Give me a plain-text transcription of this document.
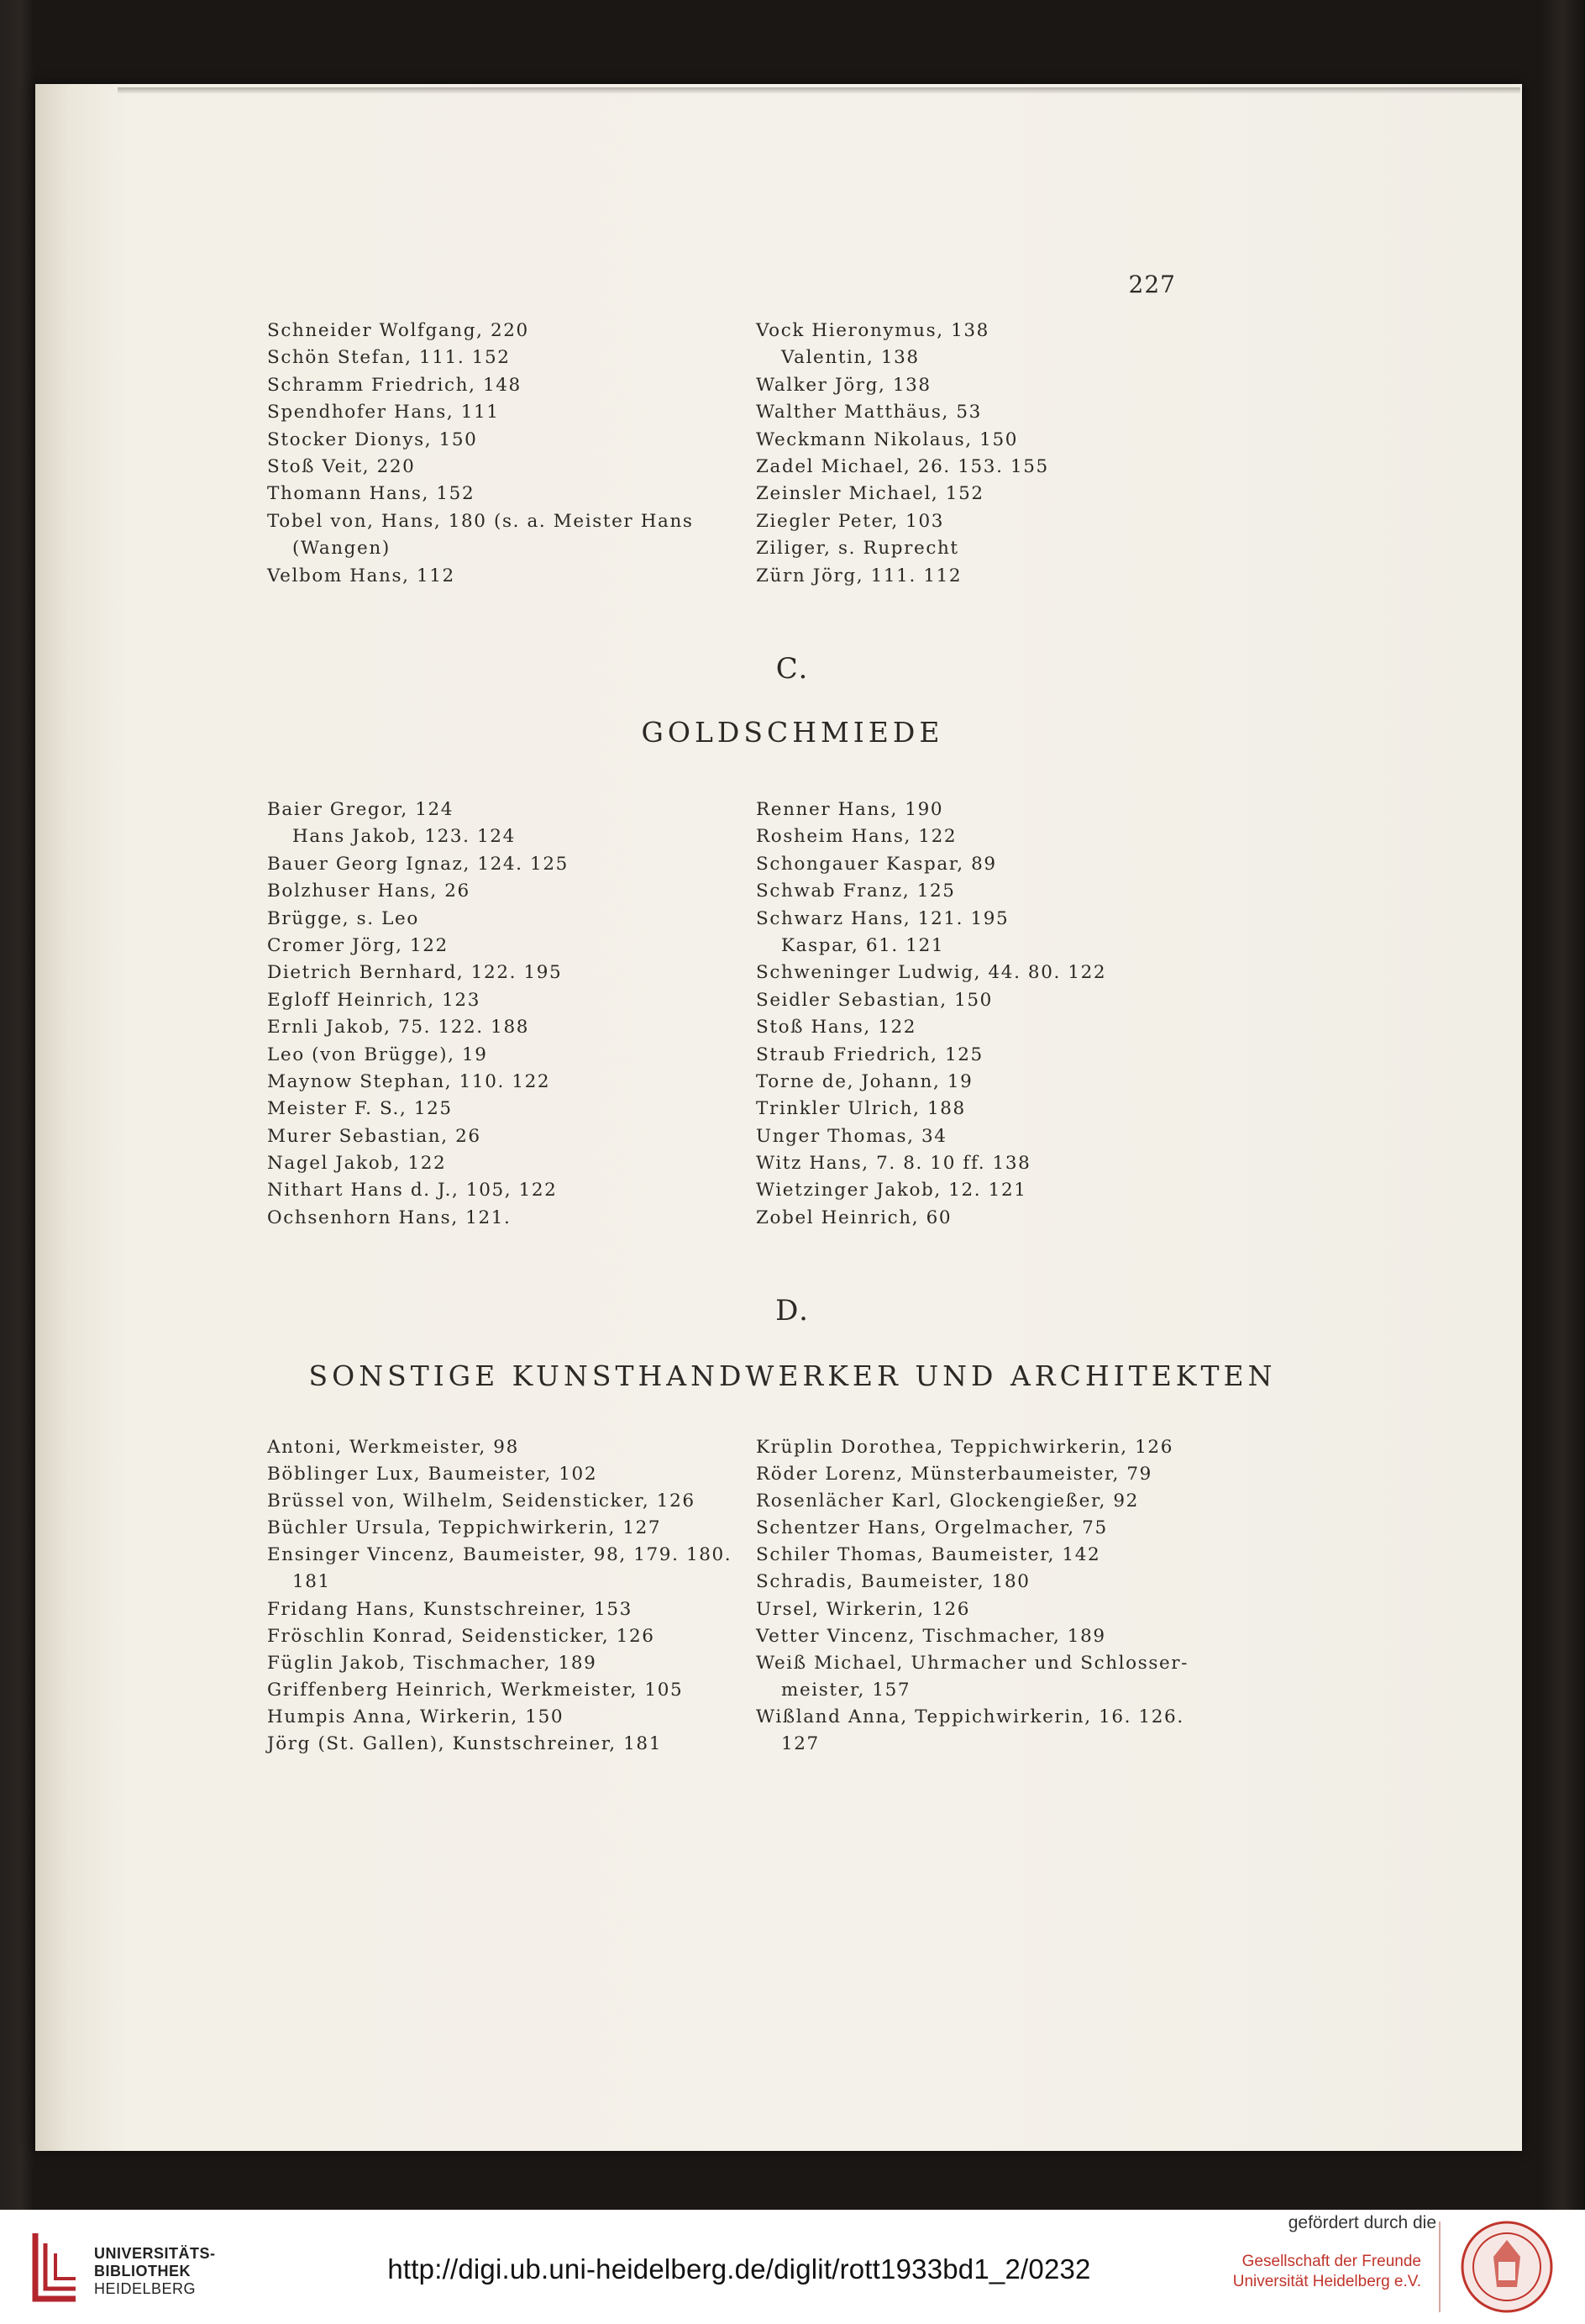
227
Schneider Wolfgang, 220
Schön Stefan, 111. 152
Schramm Friedrich, 148
Spendhofer Hans, 111
Stocker Dionys, 150
Stoß Veit, 220
Thomann Hans, 152
Tobel von, Hans, 180 (s. a. Meister Hans
(Wangen)
Velbom Hans, 112
Vock Hieronymus, 138
Valentin, 138
Walker Jörg, 138
Walther Matthäus, 53
Weckmann Nikolaus, 150
Zadel Michael, 26. 153. 155
Zeinsler Michael, 152
Ziegler Peter, 103
Ziliger, s. Ruprecht
Zürn Jörg, 111. 112
C.
GOLDSCHMIEDE
Baier Gregor, 124
Hans Jakob, 123. 124
Bauer Georg Ignaz, 124. 125
Bolzhuser Hans, 26
Brügge, s. Leo
Cromer Jörg, 122
Dietrich Bernhard, 122. 195
Egloff Heinrich, 123
Ernli Jakob, 75. 122. 188
Leo (von Brügge), 19
Maynow Stephan, 110. 122
Meister F. S., 125
Murer Sebastian, 26
Nagel Jakob, 122
Nithart Hans d. J., 105, 122
Ochsenhorn Hans, 121.
Renner Hans, 190
Rosheim Hans, 122
Schongauer Kaspar, 89
Schwab Franz, 125
Schwarz Hans, 121. 195
Kaspar, 61. 121
Schweninger Ludwig, 44. 80. 122
Seidler Sebastian, 150
Stoß Hans, 122
Straub Friedrich, 125
Torne de, Johann, 19
Trinkler Ulrich, 188
Unger Thomas, 34
Witz Hans, 7. 8. 10 ff. 138
Wietzinger Jakob, 12. 121
Zobel Heinrich, 60
D.
SONSTIGE KUNSTHANDWERKER UND ARCHITEKTEN
Antoni, Werkmeister, 98
Böblinger Lux, Baumeister, 102
Brüssel von, Wilhelm, Seidensticker, 126
Büchler Ursula, Teppichwirkerin, 127
Ensinger Vincenz, Baumeister, 98, 179. 180.
181
Fridang Hans, Kunstschreiner, 153
Fröschlin Konrad, Seidensticker, 126
Füglin Jakob, Tischmacher, 189
Griffenberg Heinrich, Werkmeister, 105
Humpis Anna, Wirkerin, 150
Jörg (St. Gallen), Kunstschreiner, 181
Krüplin Dorothea, Teppichwirkerin, 126
Röder Lorenz, Münsterbaumeister, 79
Rosenlächer Karl, Glockengießer, 92
Schentzer Hans, Orgelmacher, 75
Schiler Thomas, Baumeister, 142
Schradis, Baumeister, 180
Ursel, Wirkerin, 126
Vetter Vincenz, Tischmacher, 189
Weiß Michael, Uhrmacher und Schlosser-
meister, 157
Wißland Anna, Teppichwirkerin, 16. 126.
127
UNIVERSITÄTS-
BIBLIOTHEK
HEIDELBERG
http://digi.ub.uni-heidelberg.de/diglit/rott1933bd1_2/0232
gefördert durch die
Gesellschaft der Freunde
Universität Heidelberg e.V.
